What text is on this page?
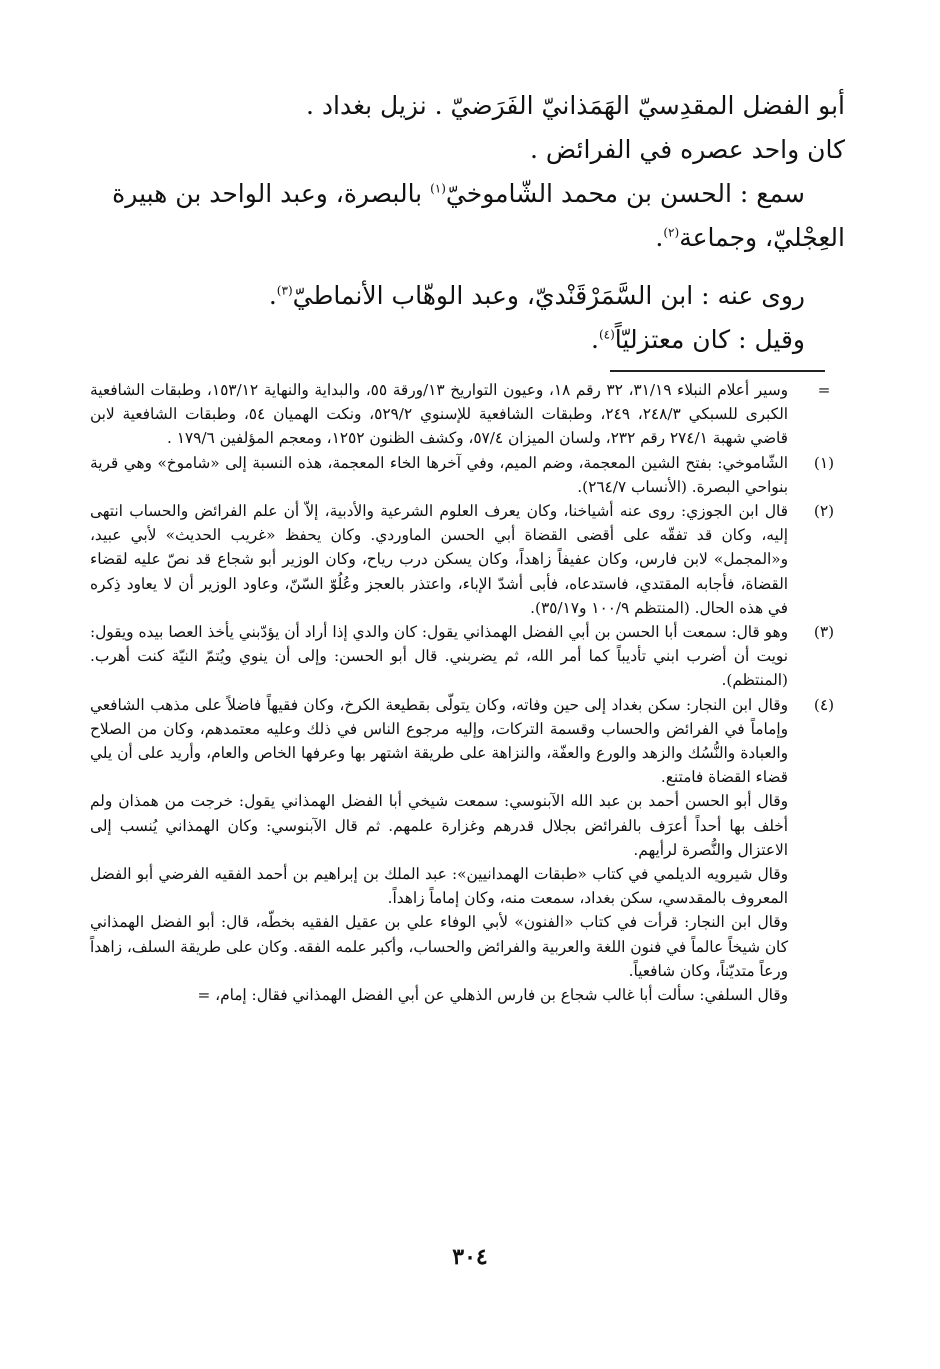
أبو الفضل المقدِسيّ الهَمَذانيّ الفَرَضيّ . نزيل بغداد .

كان واحد عصره في الفرائض .

سمع : الحسن بن محمد الشّاموخيّ$^{(١)}$ بالبصرة، وعبد الواحد بن هبيرة

العِجْليّ، وجماعة$^{(٢)}$.

روى عنه : ابن السَّمَرْقَنْديّ، وعبد الوهّاب الأنماطيّ$^{(٣)}$.

وقيل : كان معتزليّاً$^{(٤)}$.

=

وسير أعلام النبلاء ٣١/١٩، ٣٢ رقم ١٨، وعيون التواريخ ١٣/ورقة ٥٥، والبداية والنهاية ١٥٣/١٢، وطبقات الشافعية الكبرى للسبكي ٢٤٨/٣، ٢٤٩، وطبقات الشافعية للإسنوي ٥٢٩/٢، ونكت الهميان ٥٤، وطبقات الشافعية لابن قاضي شهبة ٢٧٤/١ رقم ٢٣٢، ولسان الميزان ٥٧/٤، وكشف الظنون ١٢٥٢، ومعجم المؤلفين ١٧٩/٦ .

(١)

الشّاموخي: بفتح الشين المعجمة، وضم الميم، وفي آخرها الخاء المعجمة، هذه النسبة إلى «شاموخ» وهي قرية بنواحي البصرة. (الأنساب ٢٦٤/٧).

(٢)

قال ابن الجوزي: روى عنه أشياخنا، وكان يعرف العلوم الشرعية والأدبية، إلاّ أن علم الفرائض والحساب انتهى إليه، وكان قد تفقّه على أقضى القضاة أبي الحسن الماوردي. وكان يحفظ «غريب الحديث» لأبي عبيد، و«المجمل» لابن فارس، وكان عفيفاً زاهداً، وكان يسكن درب رياح، وكان الوزير أبو شجاع قد نصّ عليه لقضاء القضاة، فأجابه المقتدي، فاستدعاه، فأبى أشدّ الإباء، واعتذر بالعجز وعُلُوّ السّنّ، وعاود الوزير أن لا يعاود ذِكره في هذه الحال. (المنتظم ١٠٠/٩ و٣٥/١٧).

(٣)

وهو قال: سمعت أبا الحسن بن أبي الفضل الهمذاني يقول: كان والدي إذا أراد أن يؤدّبني يأخذ العصا بيده ويقول: نويت أن أضرب ابني تأديباً كما أمر الله، ثم يضربني. قال أبو الحسن: وإلى أن ينوي ويُتمّ النيّة كنت أهرب. (المنتظم).

(٤)

وقال ابن النجار: سكن بغداد إلى حين وفاته، وكان يتولّى بقطيعة الكرخ، وكان فقيهاً فاضلاً على مذهب الشافعي وإماماً في الفرائض والحساب وقسمة التركات، وإليه مرجوع الناس في ذلك وعليه معتمدهم، وكان من الصلاح والعبادة والنُّسُك والزهد والورع والعفّة، والنزاهة على طريقة اشتهر بها وعرفها الخاص والعام، وأريد على أن يلي قضاء القضاة فامتنع.

وقال أبو الحسن أحمد بن عبد الله الآبنوسي: سمعت شيخي أبا الفضل الهمذاني يقول: خرجت من همذان ولم أخلف بها أحداً أعرَف بالفرائض بجلال قدرهم وغزارة علمهم. ثم قال الآبنوسي: وكان الهمذاني يُنسب إلى الاعتزال والنُّصرة لرأيهم.

وقال شيرويه الديلمي في كتاب «طبقات الهمدانيين»: عبد الملك بن إبراهيم بن أحمد الفقيه الفرضي أبو الفضل المعروف بالمقدسي، سكن بغداد، سمعت منه، وكان إماماً زاهداً.

وقال ابن النجار: قرأت في كتاب «الفنون» لأبي الوفاء علي بن عقيل الفقيه بخطّه، قال: أبو الفضل الهمذاني كان شيخاً عالماً في فنون اللغة والعربية والفرائض والحساب، وأكبر علمه الفقه. وكان على طريقة السلف، زاهداً ورعاً متديّناً، وكان شافعياً.

وقال السلفي: سألت أبا غالب شجاع بن فارس الذهلي عن أبي الفضل الهمذاني فقال: إمام، =

٣٠٤
